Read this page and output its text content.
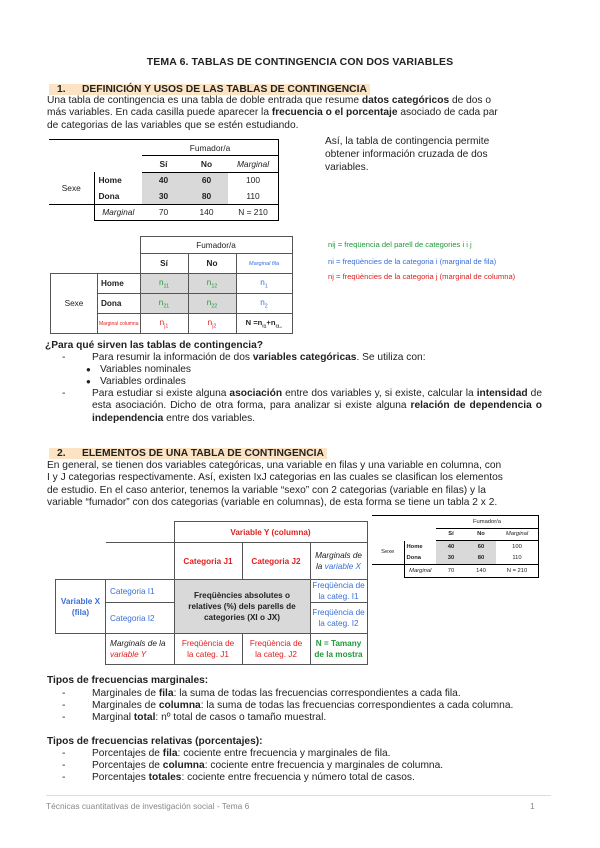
TEMA 6. TABLAS DE CONTINGENCIA CON DOS VARIABLES
1. DEFINICIÓN Y USOS DE LAS TABLAS DE CONTINGENCIA
Una tabla de contingencia es una tabla de doble entrada que resume datos categóricos de dos o
más variables. En cada casilla puede aparecer la frecuencia o el porcentaje asociado de cada par
de categorias de las variables que se estén estudiando.
		Fumador/a		
		Sí	No	Marginal
Sexe	Home	40	60	100
	Dona	30	80	110
	Marginal	70	140	N = 210
Así, la tabla de contingencia permite
obtener información cruzada de dos
variables.
		Fumador/a		
		Sí	No	Marginal fila
Sexe	Home	$n_{11}$	$n_{12}$	$n_1$
	Dona	$n_{21}$	$n_{22}$	$n_2$
	Marginal columna	$n_{j1}$	$n_{j2}$	$N =n_{i1}+n_{i1..}$
nij = freqüencia del parell de categories i i j
ni = freqüències de la categoria i (marginal de fila)
nj = freqüències de la categoria j (marginal de columna)
¿Para qué sirven las tablas de contingencia?
-	Para resumir la información de dos variables categóricas. Se utiliza con:
● Variables nominales
● Variables ordinales
-	Para estudiar si existe alguna asociación entre dos variables y, si existe, calcular la intensidad de esta asociación. Dicho de otra forma, para analizar si existe alguna relación de dependencia o independencia entre dos variables.
2. ELEMENTOS DE UNA TABLA DE CONTINGENCIA
En general, se tienen dos variables categóricas, una variable en filas y una variable en columna, con
I y J categorias respectivamente. Así, existen IxJ categorias en las cuales se clasifican los elementos
de estudio. En el caso anterior, tenemos la variable “sexo” con 2 categorias (variable en filas) y la
variable “fumador” con dos categorias (variable en columnas), de esta forma se tiene un tabla 2 x 2.
		Variable Y (columna)		
		Categoria J1	Categoria J2	Marginals de
la variable X
Variable X
(fila)	Categoria I1	Freqüències absolutes o relatives (%) dels parells de categories (XI o JX)		Freqüència de
la categ. I1
	Categoria I2			Freqüència de
la categ. I2
	Marginals de la
variable Y	Freqüència de
la categ. J1	Freqüència de
la categ. J2	N = Tamany
de la mostra
		Fumador/a		
		Sí	No	Marginal
Sexe	Home	40	60	100
	Dona	30	80	110
	Marginal	70	140	N = 210
Tipos de frecuencias marginales:
-	Marginales de fila: la suma de todas las frecuencias correspondientes a cada fila.
-	Marginales de columna: la suma de todas las frecuencias correspondientes a cada columna.
-	Marginal total: nº total de casos o tamaño muestral.
Tipos de frecuencias relativas (porcentajes):
-	Porcentajes de fila: cociente entre frecuencia y marginales de fila.
-	Porcentajes de columna: cociente entre frecuencia y marginales de columna.
-	Porcentajes totales: cociente entre frecuencia y número total de casos.
Técnicas cuantitativas de investigación social - Tema 6	1
